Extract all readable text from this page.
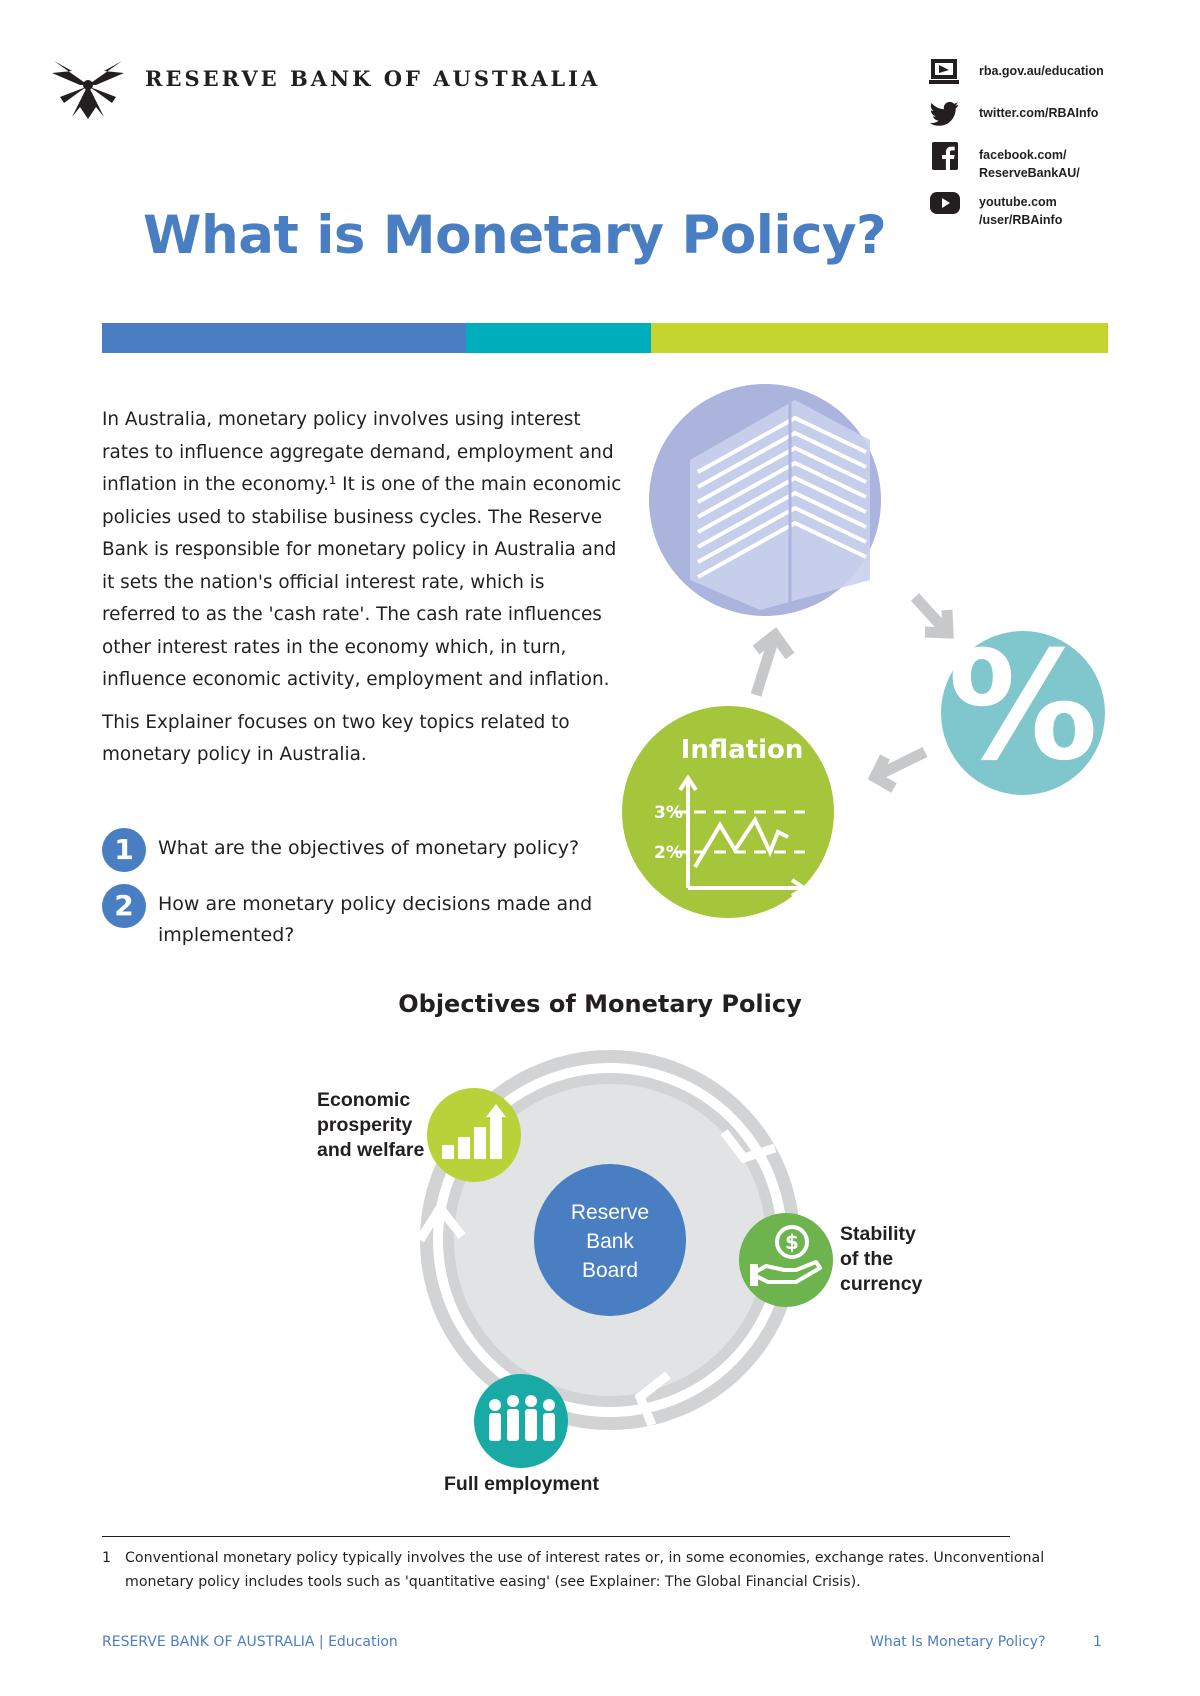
RESERVE BANK OF AUSTRALIA	rba.gov.au/education
twitter.com/RBAInfo
facebook.com/
ReserveBankAU/
youtube.com
/user/RBAinfo
What is Monetary Policy?

In Australia, monetary policy involves using interest rates to influence aggregate demand, employment and inflation in the economy.¹ It is one of the main economic policies used to stabilise business cycles. The Reserve Bank is responsible for monetary policy in Australia and it sets the nation's official interest rate, which is referred to as the 'cash rate'. The cash rate influences other interest rates in the economy which, in turn, influence economic activity, employment and inflation.

This Explainer focuses on two key topics related to monetary policy in Australia.

1	What are the objectives of monetary policy?
2	How are monetary policy decisions made and implemented?
%
Inflation
3%
2%
Objectives of Monetary Policy
Reserve
Bank
Board
Economic
prosperity
and welfare
$ Stability
of the
currency
Full employment
1 Conventional monetary policy typically involves the use of interest rates or, in some economies, exchange rates. Unconventional monetary policy includes tools such as 'quantitative easing' (see Explainer: The Global Financial Crisis).
RESERVE BANK OF AUSTRALIA | Education	What Is Monetary Policy?	1
